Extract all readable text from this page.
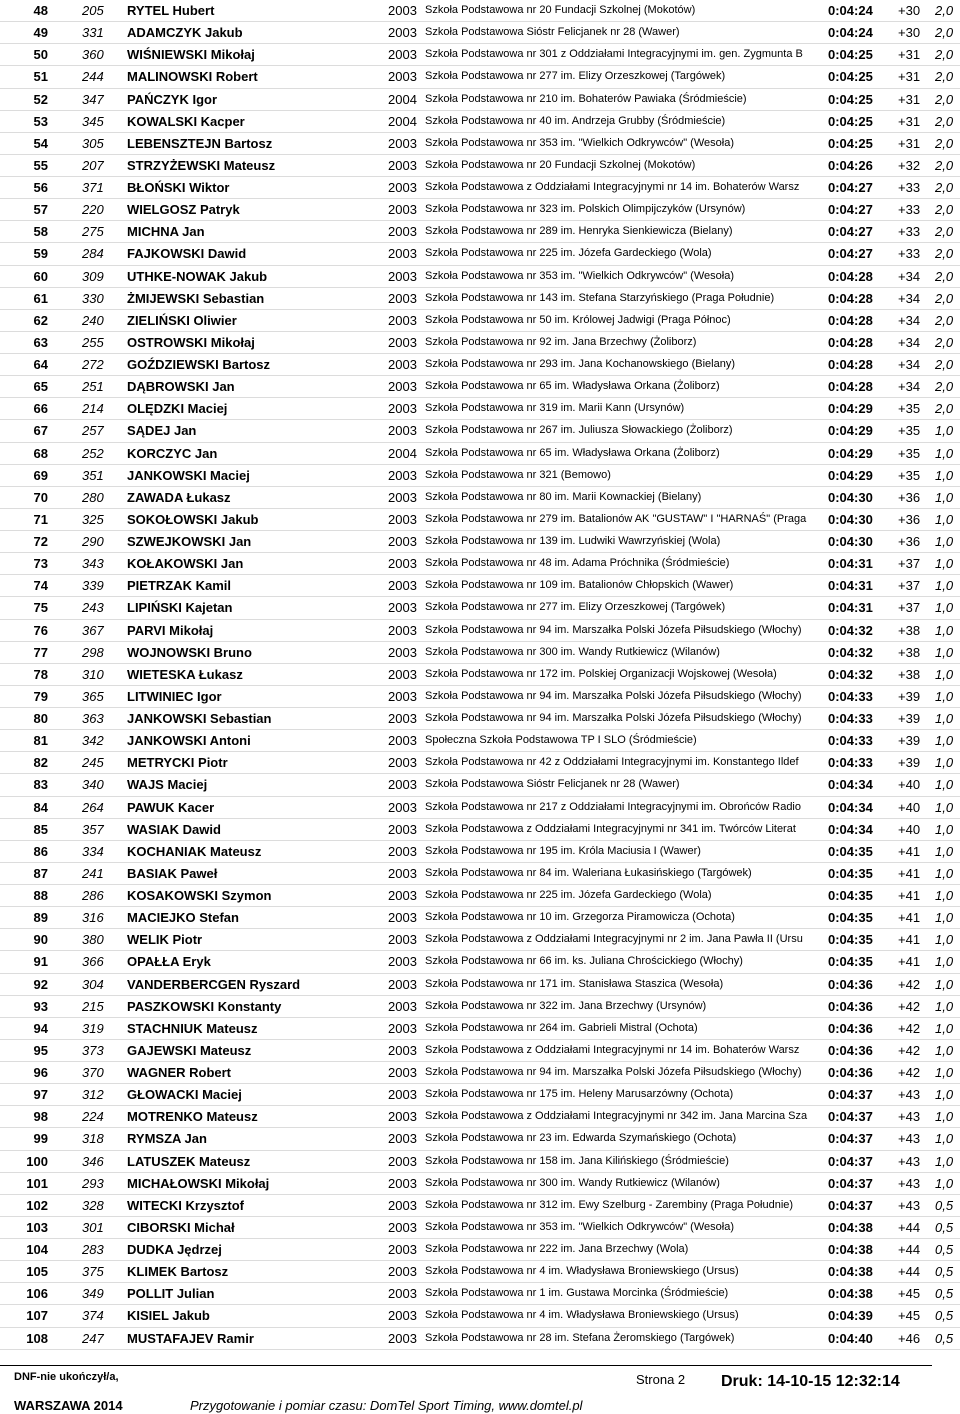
48	205 RYTEL Hubert	2003 Szkoła Podstawowa nr 20 Fundacji Szkolnej (Mokotów)	0:04:24 +30 2,0
49	331 ADAMCZYK Jakub	2003 Szkoła Podstawowa Sióstr Felicjanek nr 28 (Wawer)	0:04:24 +30 2,0
50	360 WIŚNIEWSKI Mikołaj	2003 Szkoła Podstawowa nr 301 z Oddziałami Integracyjnymi im. gen. Zygmunta B	0:04:25 +31 2,0
51	244 MALINOWSKI Robert	2003 Szkoła Podstawowa nr 277 im. Elizy Orzeszkowej (Targówek)	0:04:25 +31 2,0
52	347 PAŃCZYK Igor	2004 Szkoła Podstawowa nr 210 im. Bohaterów Pawiaka (Śródmieście)	0:04:25 +31 2,0
53	345 KOWALSKI Kacper	2004 Szkoła Podstawowa nr 40 im. Andrzeja Grubby (Śródmieście)	0:04:25 +31 2,0
54	305 LEBENSZTEJN Bartosz	2003 Szkoła Podstawowa nr 353 im. "Wielkich Odkrywców" (Wesoła)	0:04:25 +31 2,0
55	207 STRZYŻEWSKI Mateusz	2003 Szkoła Podstawowa nr 20 Fundacji Szkolnej (Mokotów)	0:04:26 +32 2,0
56	371 BŁOŃSKI Wiktor	2003 Szkoła Podstawowa z Oddziałami Integracyjnymi nr 14 im. Bohaterów Warsz	0:04:27 +33 2,0
57	220 WIELGOSZ Patryk	2003 Szkoła Podstawowa nr 323 im. Polskich Olimpijczyków (Ursynów)	0:04:27 +33 2,0
58	275 MICHNA Jan	2003 Szkoła Podstawowa nr 289 im. Henryka Sienkiewicza (Bielany)	0:04:27 +33 2,0
59	284 FAJKOWSKI Dawid	2003 Szkoła Podstawowa nr 225 im. Józefa Gardeckiego (Wola)	0:04:27 +33 2,0
60	309 UTHKE-NOWAK Jakub	2003 Szkoła Podstawowa nr 353 im. "Wielkich Odkrywców" (Wesoła)	0:04:28 +34 2,0
61	330 ŻMIJEWSKI Sebastian	2003 Szkoła Podstawowa nr 143 im. Stefana Starzyńskiego (Praga Południe)	0:04:28 +34 2,0
62	240 ZIELIŃSKI Oliwier	2003 Szkoła Podstawowa nr 50 im. Królowej Jadwigi (Praga Północ)	0:04:28 +34 2,0
63	255 OSTROWSKI Mikołaj	2003 Szkoła Podstawowa nr 92 im. Jana Brzechwy (Żoliborz)	0:04:28 +34 2,0
64	272 GOŹDZIEWSKI Bartosz	2003 Szkoła Podstawowa nr 293 im. Jana Kochanowskiego (Bielany)	0:04:28 +34 2,0
65	251 DĄBROWSKI Jan	2003 Szkoła Podstawowa nr 65 im. Władysława Orkana (Żoliborz)	0:04:28 +34 2,0
66	214 OLĘDZKI Maciej	2003 Szkoła Podstawowa nr 319 im. Marii Kann (Ursynów)	0:04:29 +35 2,0
67	257 SĄDEJ Jan	2003 Szkoła Podstawowa nr 267 im. Juliusza Słowackiego (Żoliborz)	0:04:29 +35 1,0
68	252 KORCZYC Jan	2004 Szkoła Podstawowa nr 65 im. Władysława Orkana (Żoliborz)	0:04:29 +35 1,0
69	351 JANKOWSKI Maciej	2003 Szkoła Podstawowa nr 321 (Bemowo)	0:04:29 +35 1,0
70	280 ZAWADA Łukasz	2003 Szkoła Podstawowa nr 80 im. Marii Kownackiej (Bielany)	0:04:30 +36 1,0
71	325 SOKOŁOWSKI Jakub	2003 Szkoła Podstawowa nr 279 im. Batalionów AK "GUSTAW" I "HARNAŚ" (Praga	0:04:30 +36 1,0
72	290 SZWEJKOWSKI Jan	2003 Szkoła Podstawowa nr 139 im. Ludwiki Wawrzyńskiej (Wola)	0:04:30 +36 1,0
73	343 KOŁAKOWSKI Jan	2003 Szkoła Podstawowa nr 48 im. Adama Próchnika (Śródmieście)	0:04:31 +37 1,0
74	339 PIETRZAK Kamil	2003 Szkoła Podstawowa nr 109 im. Batalionów Chłopskich (Wawer)	0:04:31 +37 1,0
75	243 LIPIŃSKI Kajetan	2003 Szkoła Podstawowa nr 277 im. Elizy Orzeszkowej (Targówek)	0:04:31 +37 1,0
76	367 PARVI Mikołaj	2003 Szkoła Podstawowa nr 94 im. Marszałka Polski Józefa Piłsudskiego (Włochy)	0:04:32 +38 1,0
77	298 WOJNOWSKI Bruno	2003 Szkoła Podstawowa nr 300 im. Wandy Rutkiewicz (Wilanów)	0:04:32 +38 1,0
78	310 WIETESKA Łukasz	2003 Szkoła Podstawowa nr 172 im. Polskiej Organizacji Wojskowej (Wesoła)	0:04:32 +38 1,0
79	365 LITWINIEC Igor	2003 Szkoła Podstawowa nr 94 im. Marszałka Polski Józefa Piłsudskiego (Włochy)	0:04:33 +39 1,0
80	363 JANKOWSKI Sebastian	2003 Szkoła Podstawowa nr 94 im. Marszałka Polski Józefa Piłsudskiego (Włochy)	0:04:33 +39 1,0
81	342 JANKOWSKI Antoni	2003 Społeczna Szkoła Podstawowa TP I SLO (Śródmieście)	0:04:33 +39 1,0
82	245 METRYCKI Piotr	2003 Szkoła Podstawowa nr 42 z Oddziałami Integracyjnymi im. Konstantego Ildef	0:04:33 +39 1,0
83	340 WAJS Maciej	2003 Szkoła Podstawowa Sióstr Felicjanek nr 28 (Wawer)	0:04:34 +40 1,0
84	264 PAWUK Kacer	2003 Szkoła Podstawowa nr 217 z Oddziałami Integracyjnymi im. Obrońców Radio	0:04:34 +40 1,0
85	357 WASIAK Dawid	2003 Szkoła Podstawowa z Oddziałami Integracyjnymi nr 341 im. Twórców Literat	0:04:34 +40 1,0
86	334 KOCHANIAK Mateusz	2003 Szkoła Podstawowa nr 195 im. Króla Maciusia I (Wawer)	0:04:35 +41 1,0
87	241 BASIAK Paweł	2003 Szkoła Podstawowa nr 84 im. Waleriana Łukasińskiego (Targówek)	0:04:35 +41 1,0
88	286 KOSAKOWSKI Szymon	2003 Szkoła Podstawowa nr 225 im. Józefa Gardeckiego (Wola)	0:04:35 +41 1,0
89	316 MACIEJKO Stefan	2003 Szkoła Podstawowa nr 10 im. Grzegorza Piramowicza (Ochota)	0:04:35 +41 1,0
90	380 WELIK Piotr	2003 Szkoła Podstawowa z Oddziałami Integracyjnymi nr 2 im. Jana Pawła II (Ursu	0:04:35 +41 1,0
91	366 OPAŁŁA Eryk	2003 Szkoła Podstawowa nr 66 im. ks. Juliana Chrościckiego (Włochy)	0:04:35 +41 1,0
92	304 VANDERBERCGEN Ryszard	2003 Szkoła Podstawowa nr 171 im. Stanisława Staszica (Wesoła)	0:04:36 +42 1,0
93	215 PASZKOWSKI Konstanty	2003 Szkoła Podstawowa nr 322 im. Jana Brzechwy (Ursynów)	0:04:36 +42 1,0
94	319 STACHNIUK Mateusz	2003 Szkoła Podstawowa nr 264 im. Gabrieli Mistral (Ochota)	0:04:36 +42 1,0
95	373 GAJEWSKI Mateusz	2003 Szkoła Podstawowa z Oddziałami Integracyjnymi nr 14 im. Bohaterów Warsz	0:04:36 +42 1,0
96	370 WAGNER Robert	2003 Szkoła Podstawowa nr 94 im. Marszałka Polski Józefa Piłsudskiego (Włochy)	0:04:36 +42 1,0
97	312 GŁOWACKI Maciej	2003 Szkoła Podstawowa nr 175 im. Heleny Marusarzówny (Ochota)	0:04:37 +43 1,0
98	224 MOTRENKO Mateusz	2003 Szkoła Podstawowa z Oddziałami Integracyjnymi nr 342 im. Jana Marcina Sza	0:04:37 +43 1,0
99	318 RYMSZA Jan	2003 Szkoła Podstawowa nr 23 im. Edwarda Szymańskiego (Ochota)	0:04:37 +43 1,0
100	346 LATUSZEK Mateusz	2003 Szkoła Podstawowa nr 158 im. Jana Kilińskiego (Śródmieście)	0:04:37 +43 1,0
101	293 MICHAŁOWSKI Mikołaj	2003 Szkoła Podstawowa nr 300 im. Wandy Rutkiewicz (Wilanów)	0:04:37 +43 1,0
102	328 WITECKI Krzysztof	2003 Szkoła Podstawowa nr 312 im. Ewy Szelburg - Zarembiny (Praga Południe)	0:04:37 +43 0,5
103	301 CIBORSKI Michał	2003 Szkoła Podstawowa nr 353 im. "Wielkich Odkrywców" (Wesoła)	0:04:38 +44 0,5
104	283 DUDKA Jędrzej	2003 Szkoła Podstawowa nr 222 im. Jana Brzechwy (Wola)	0:04:38 +44 0,5
105	375 KLIMEK Bartosz	2003 Szkoła Podstawowa nr 4 im. Władysława Broniewskiego (Ursus)	0:04:38 +44 0,5
106	349 POLLIT Julian	2003 Szkoła Podstawowa nr 1 im. Gustawa Morcinka (Śródmieście)	0:04:38 +45 0,5
107	374 KISIEL Jakub	2003 Szkoła Podstawowa nr 4 im. Władysława Broniewskiego (Ursus)	0:04:39 +45 0,5
108	247 MUSTAFAJEV Ramir	2003 Szkoła Podstawowa nr 28 im. Stefana Żeromskiego (Targówek)	0:04:40 +46 0,5
DNF-nie ukończył/a,
WARSZAWA 2014	Przygotowanie i pomiar czasu: DomTel Sport Timing, www.domtel.pl
Strona 2 Druk: 14-10-15 12:32:14
